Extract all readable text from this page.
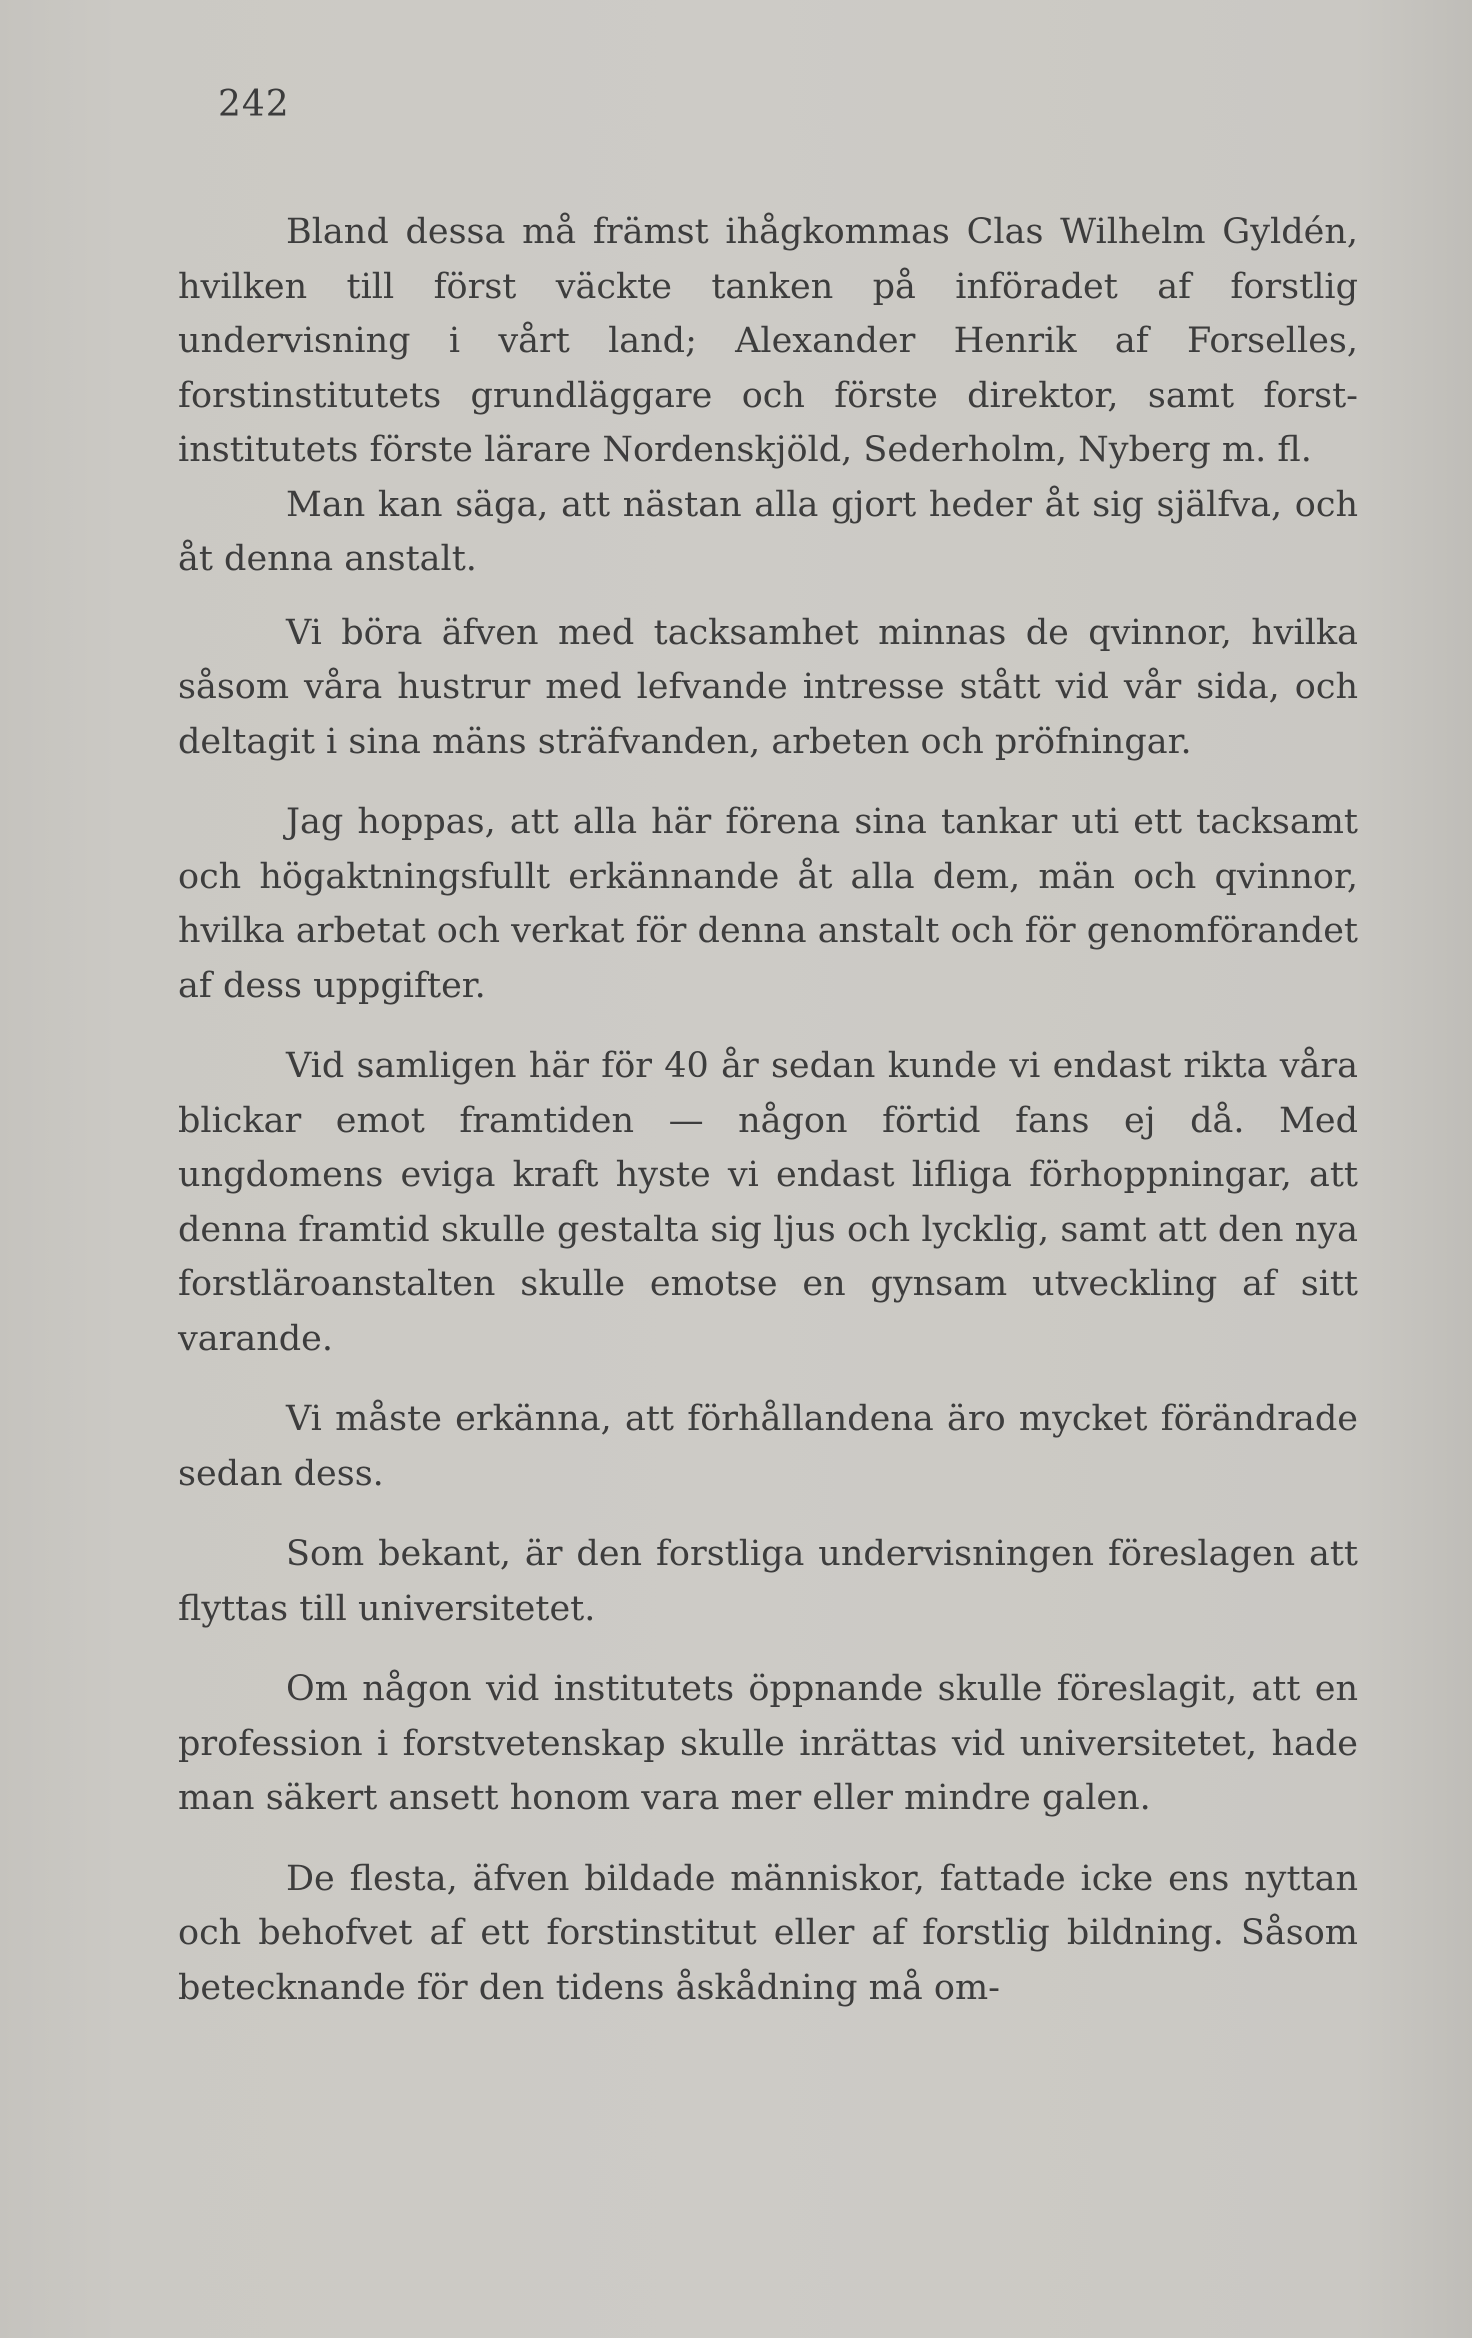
242

Bland dessa må främst ihågkommas Clas Wilhelm Gyldén, hvilken till först väckte tanken på införadet af forstlig undervisning i vårt land; Alexander Henrik af Forselles, forstinstitutets grundläggare och förste direktor, samt forstinstitutets förste lärare Nordenskjöld, Sederholm, Nyberg m. fl.

Man kan säga, att nästan alla gjort heder åt sig själfva, och åt denna anstalt.

Vi böra äfven med tacksamhet minnas de qvinnor, hvilka såsom våra hustrur med lefvande intresse stått vid vår sida, och deltagit i sina mäns sträfvanden, arbeten och pröfningar.

Jag hoppas, att alla här förena sina tankar uti ett tacksamt och högaktningsfullt erkännande åt alla dem, män och qvinnor, hvilka arbetat och verkat för denna anstalt och för genomförandet af dess uppgifter.

Vid samligen här för 40 år sedan kunde vi endast rikta våra blickar emot framtiden — någon förtid fans ej då. Med ungdomens eviga kraft hyste vi endast lifliga förhoppningar, att denna framtid skulle gestalta sig ljus och lycklig, samt att den nya forstläroanstalten skulle emotse en gynsam utveckling af sitt varande.

Vi måste erkänna, att förhållandena äro mycket förändrade sedan dess.

Som bekant, är den forstliga undervisningen föreslagen att flyttas till universitetet.

Om någon vid institutets öppnande skulle föreslagit, att en profession i forstvetenskap skulle inrättas vid universitetet, hade man säkert ansett honom vara mer eller mindre galen.

De flesta, äfven bildade människor, fattade icke ens nyttan och behofvet af ett forstinstitut eller af forstlig bildning. Såsom betecknande för den tidens åskådning må om-
